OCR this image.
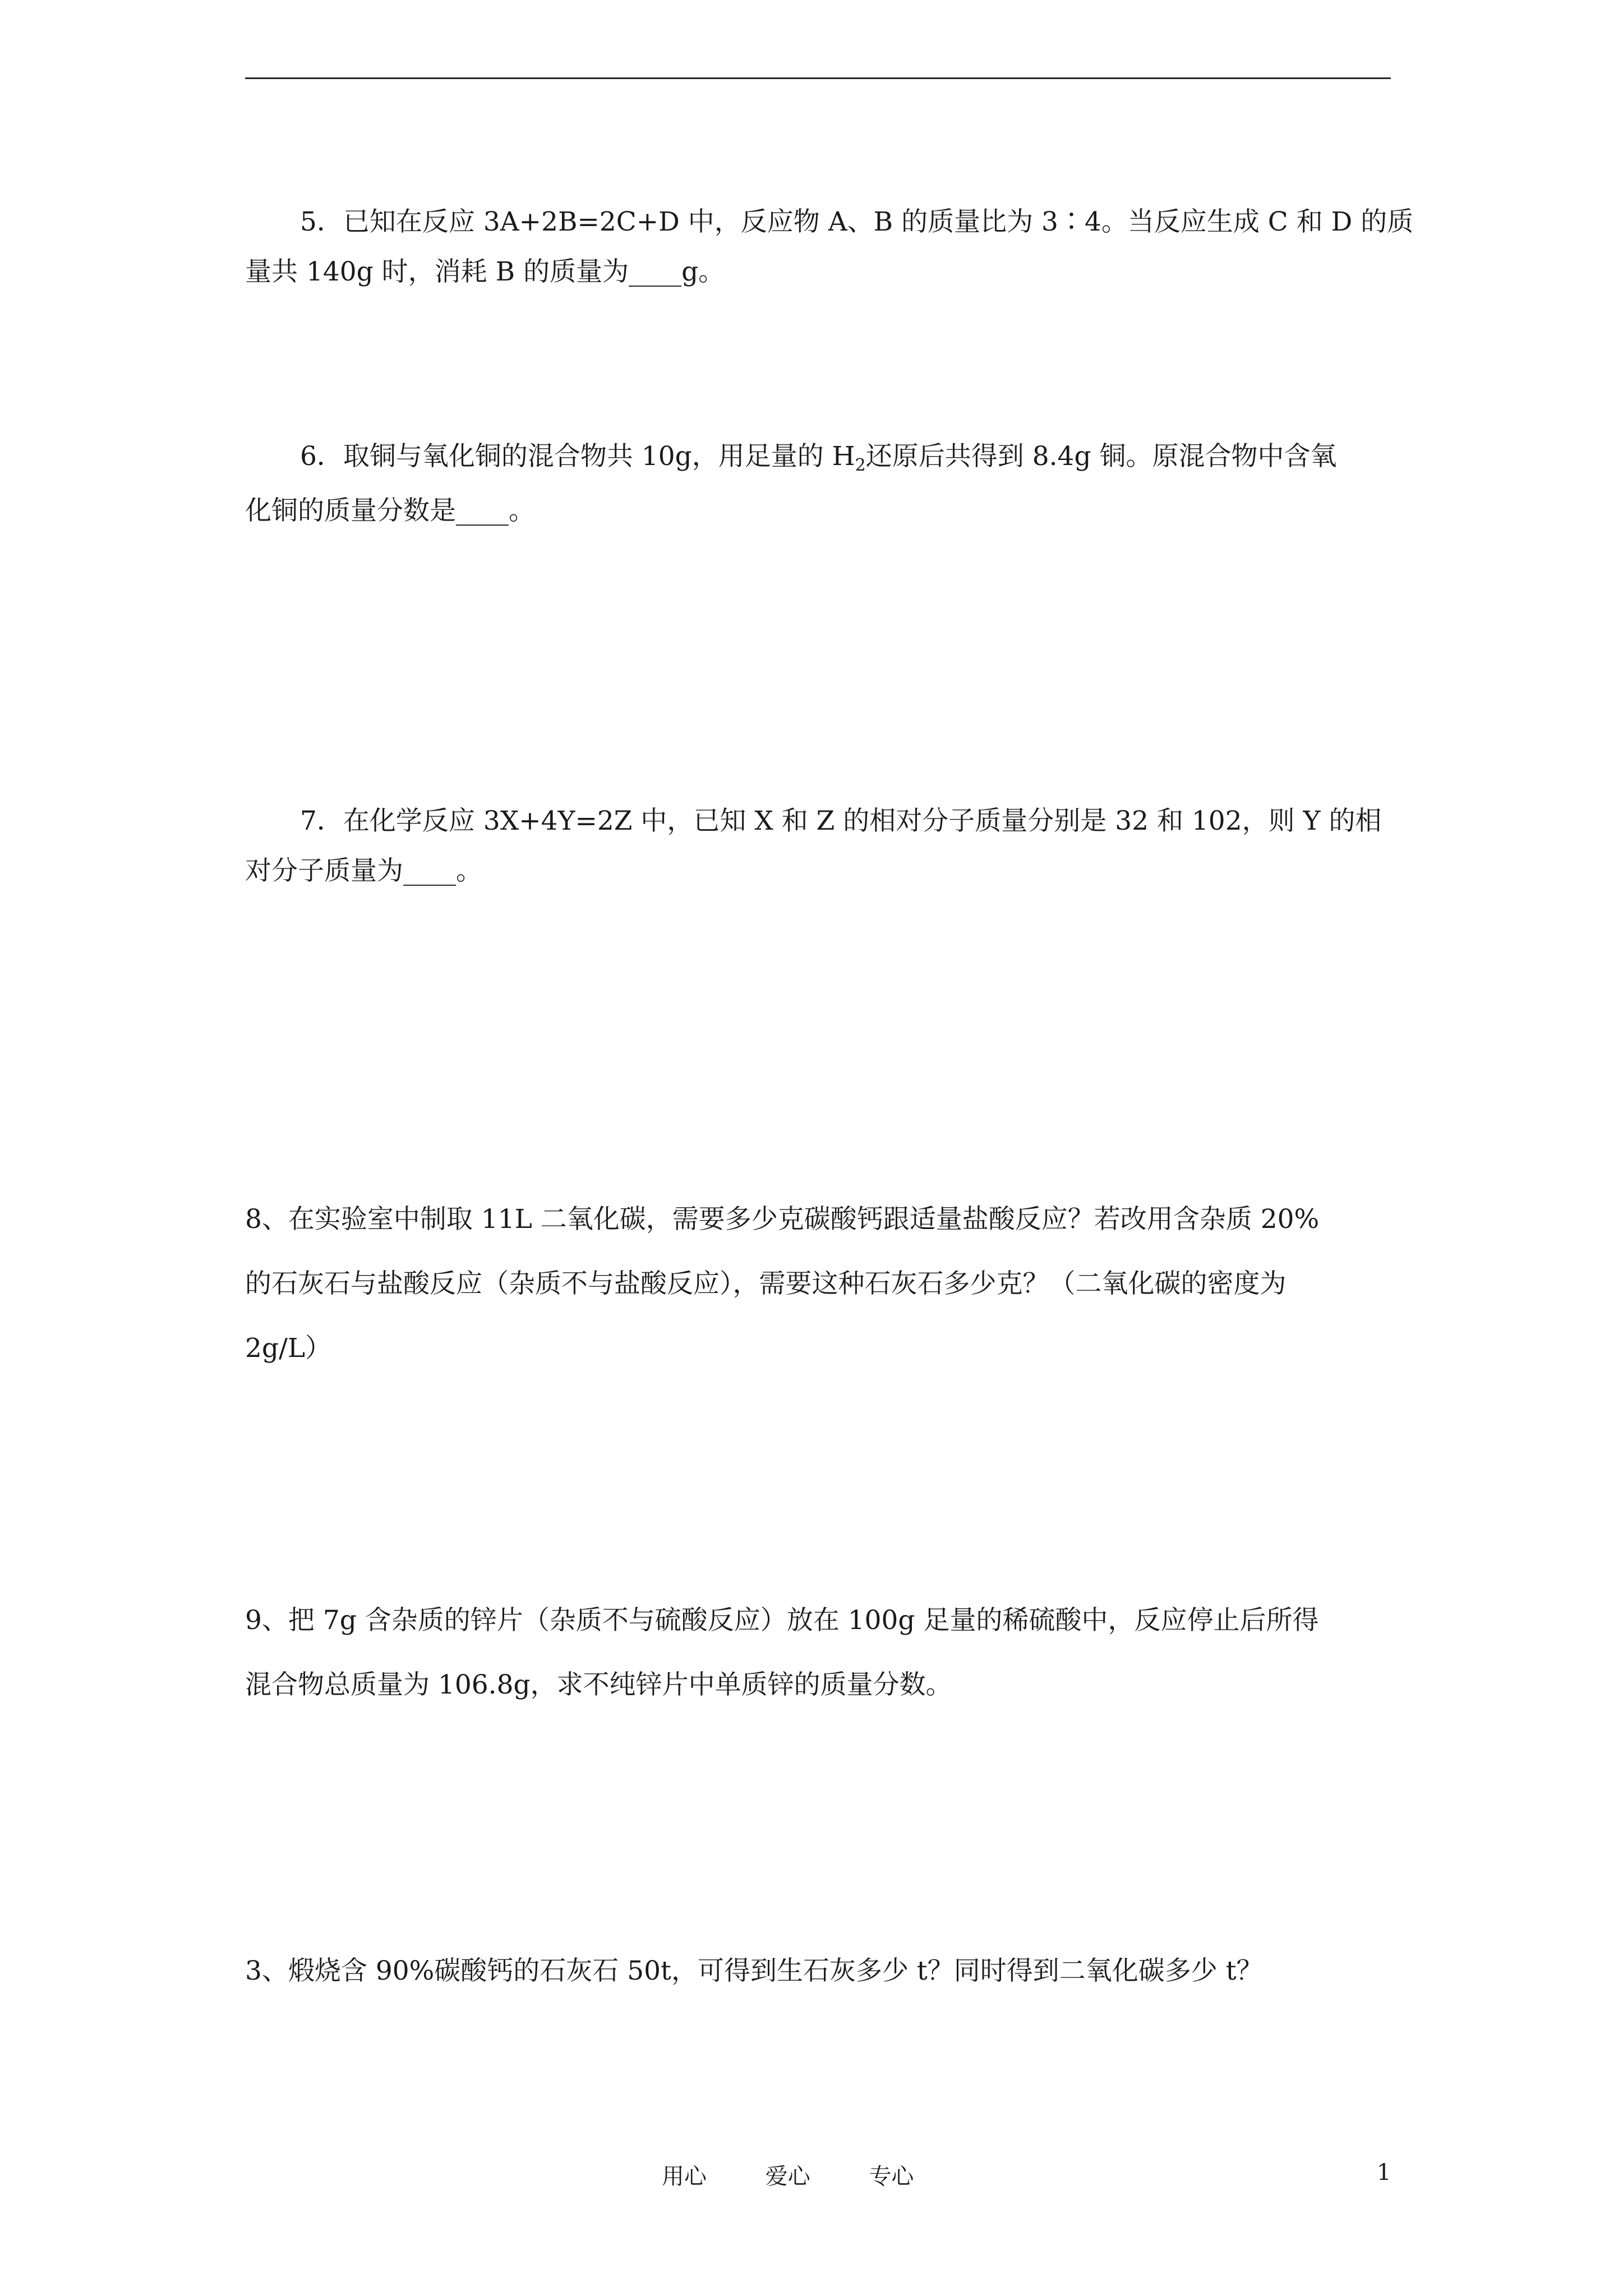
5．已知在反应 3A+2B=2C+D 中，反应物 A、B 的质量比为 3∶4。当反应生成 C 和 D 的质
量共 140g 时，消耗 B 的质量为____g。
6．取铜与氧化铜的混合物共 10g，用足量的 $H_2$还原后共得到 8.4g 铜。原混合物中含氧
化铜的质量分数是____。
7．在化学反应 3X+4Y=2Z 中，已知 X 和 Z 的相对分子质量分别是 32 和 102，则 Y 的相
对分子质量为____。
8、在实验室中制取 11L 二氧化碳，需要多少克碳酸钙跟适量盐酸反应？若改用含杂质 20%
的石灰石与盐酸反应（杂质不与盐酸反应），需要这种石灰石多少克？（二氧化碳的密度为
2g/L）
9、把 7g 含杂质的锌片（杂质不与硫酸反应）放在 100g 足量的稀硫酸中，反应停止后所得
混合物总质量为 106.8g，求不纯锌片中单质锌的质量分数。
3、煅烧含 90%碳酸钙的石灰石 50t，可得到生石灰多少 t？同时得到二氧化碳多少 t？
用心	爱心	专心	1
